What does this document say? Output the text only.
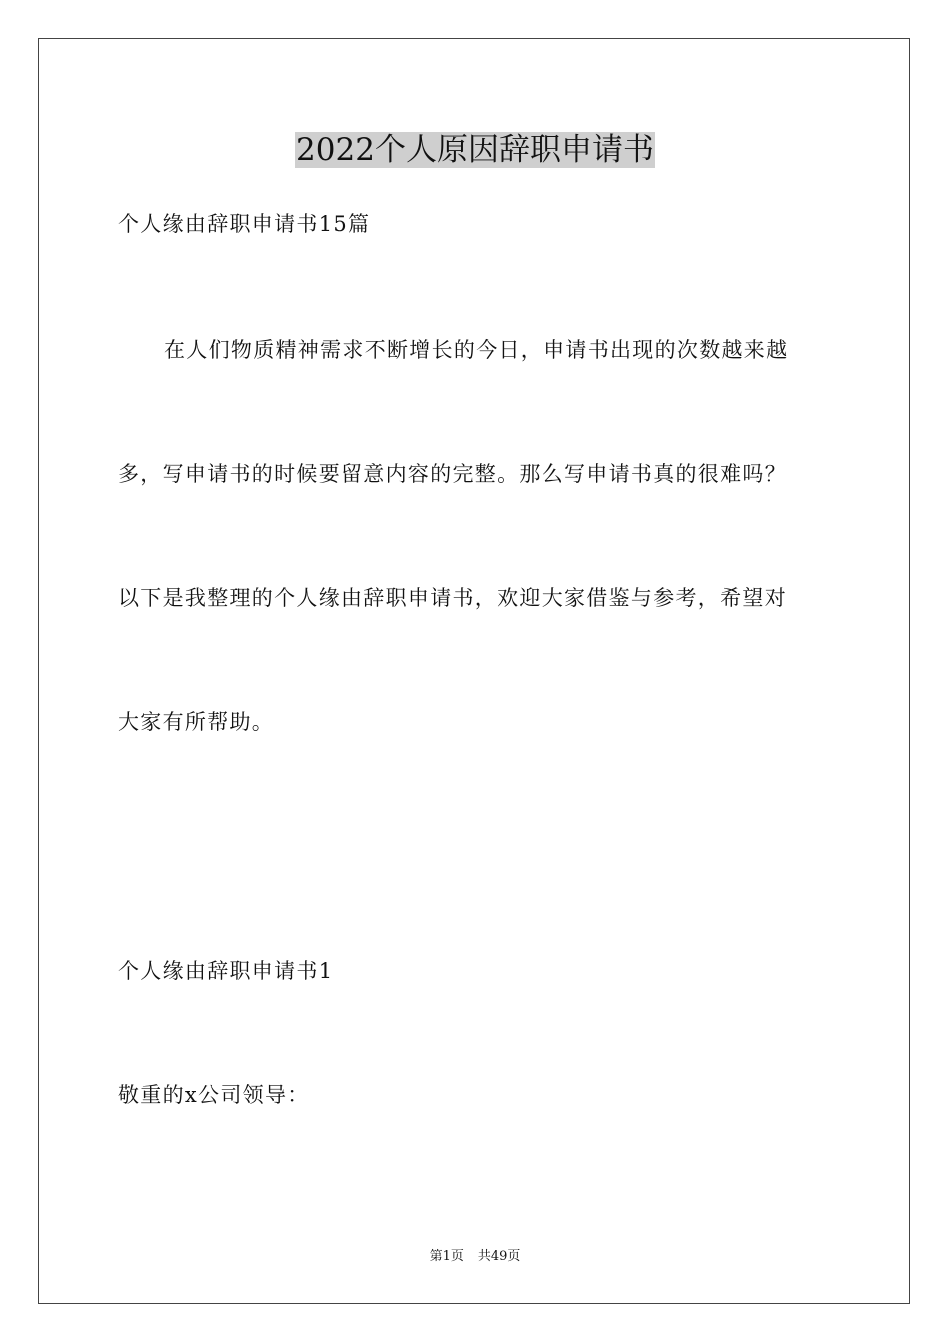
2022个人原因辞职申请书

个人缘由辞职申请书15篇

在人们物质精神需求不断增长的今日，申请书出现的次数越来越

多，写申请书的时候要留意内容的完整。那么写申请书真的很难吗？

以下是我整理的个人缘由辞职申请书，欢迎大家借鉴与参考，希望对

大家有所帮助。

个人缘由辞职申请书1

敬重的x公司领导：

第1页 共49页
